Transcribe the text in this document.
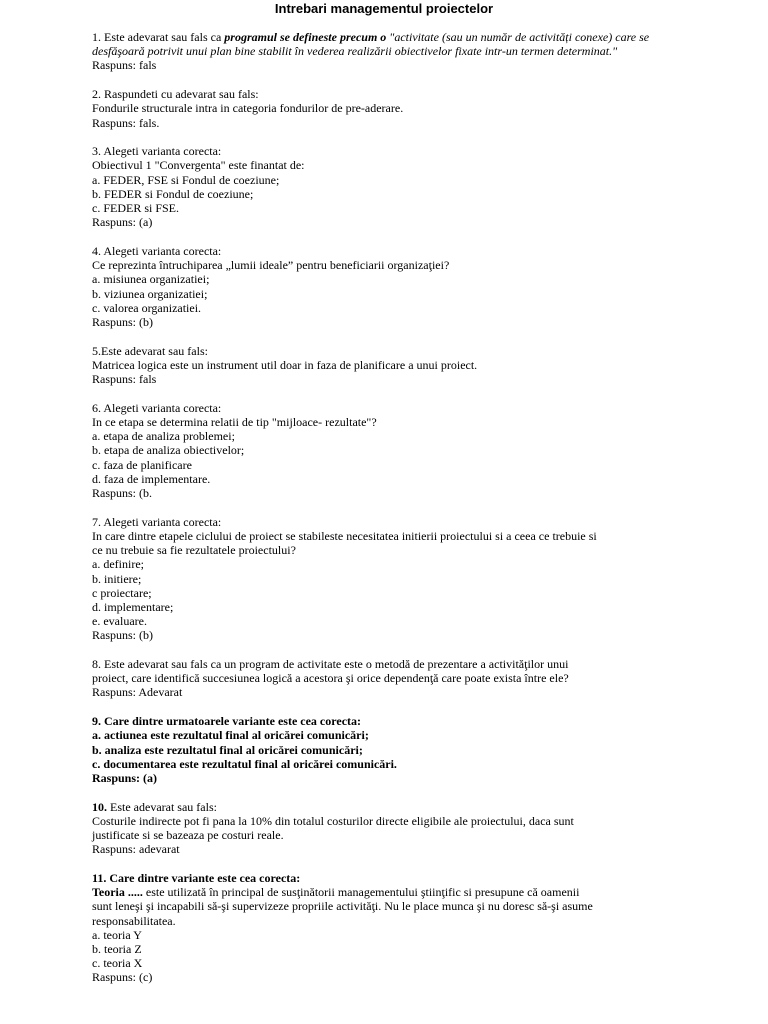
Intrebari managementul proiectelor
1. Este adevarat sau fals ca programul se defineste precum o "activitate (sau un număr de activități conexe) care se desfăşoară potrivit unui plan bine stabilit în vederea realizării obiectivelor fixate intr-un termen determinat."
Raspuns: fals
2. Raspundeti cu adevarat sau fals:
Fondurile structurale intra in categoria fondurilor de pre-aderare.
Raspuns: fals.
3. Alegeti varianta corecta:
Obiectivul 1 "Convergenta" este finantat de:
a. FEDER, FSE si Fondul de coeziune;
b. FEDER si Fondul de coeziune;
c. FEDER si FSE.
Raspuns: (a)
4. Alegeti varianta corecta:
Ce reprezinta întruchiparea „lumii ideale” pentru beneficiarii organizaţiei?
a. misiunea organizatiei;
b. viziunea organizatiei;
c. valorea organizatiei.
Raspuns: (b)
5.Este adevarat sau fals:
Matricea logica este un instrument util doar in faza de planificare a unui proiect.
Raspuns: fals
6. Alegeti varianta corecta:
In ce etapa se determina relatii de tip "mijloace- rezultate"?
a. etapa de analiza problemei;
b. etapa de analiza obiectivelor;
c. faza de planificare
d. faza de implementare.
Raspuns: (b.
7. Alegeti varianta corecta:
In care dintre etapele ciclului de proiect se stabileste necesitatea initierii proiectului si a ceea ce trebuie si
ce nu trebuie sa fie rezultatele proiectului?
a. definire;
b. initiere;
c proiectare;
d. implementare;
e. evaluare.
Raspuns: (b)
8. Este adevarat sau fals ca un program de activitate este o metodă de prezentare a activităţilor unui
proiect, care identifică succesiunea logică a acestora şi orice dependenţă care poate exista între ele?
Raspuns: Adevarat
9. Care dintre urmatoarele variante este cea corecta:
a. actiunea este rezultatul final al oricărei comunicări;
b. analiza este rezultatul final al oricărei comunicări;
c. documentarea este rezultatul final al oricărei comunicări.
Raspuns: (a)
10. Este adevarat sau fals:
Costurile indirecte pot fi pana la 10% din totalul costurilor directe eligibile ale proiectului, daca sunt
justificate si se bazeaza pe costuri reale.
Raspuns: adevarat
11. Care dintre variante este cea corecta:
Teoria ..... este utilizată în principal de susţinătorii managementului ştiinţific si presupune că oamenii
sunt leneşi şi incapabili să-şi supervizeze propriile activităţi. Nu le place munca şi nu doresc să-şi asume
responsabilitatea.
a. teoria Y
b. teoria Z
c. teoria X
Raspuns: (c)
